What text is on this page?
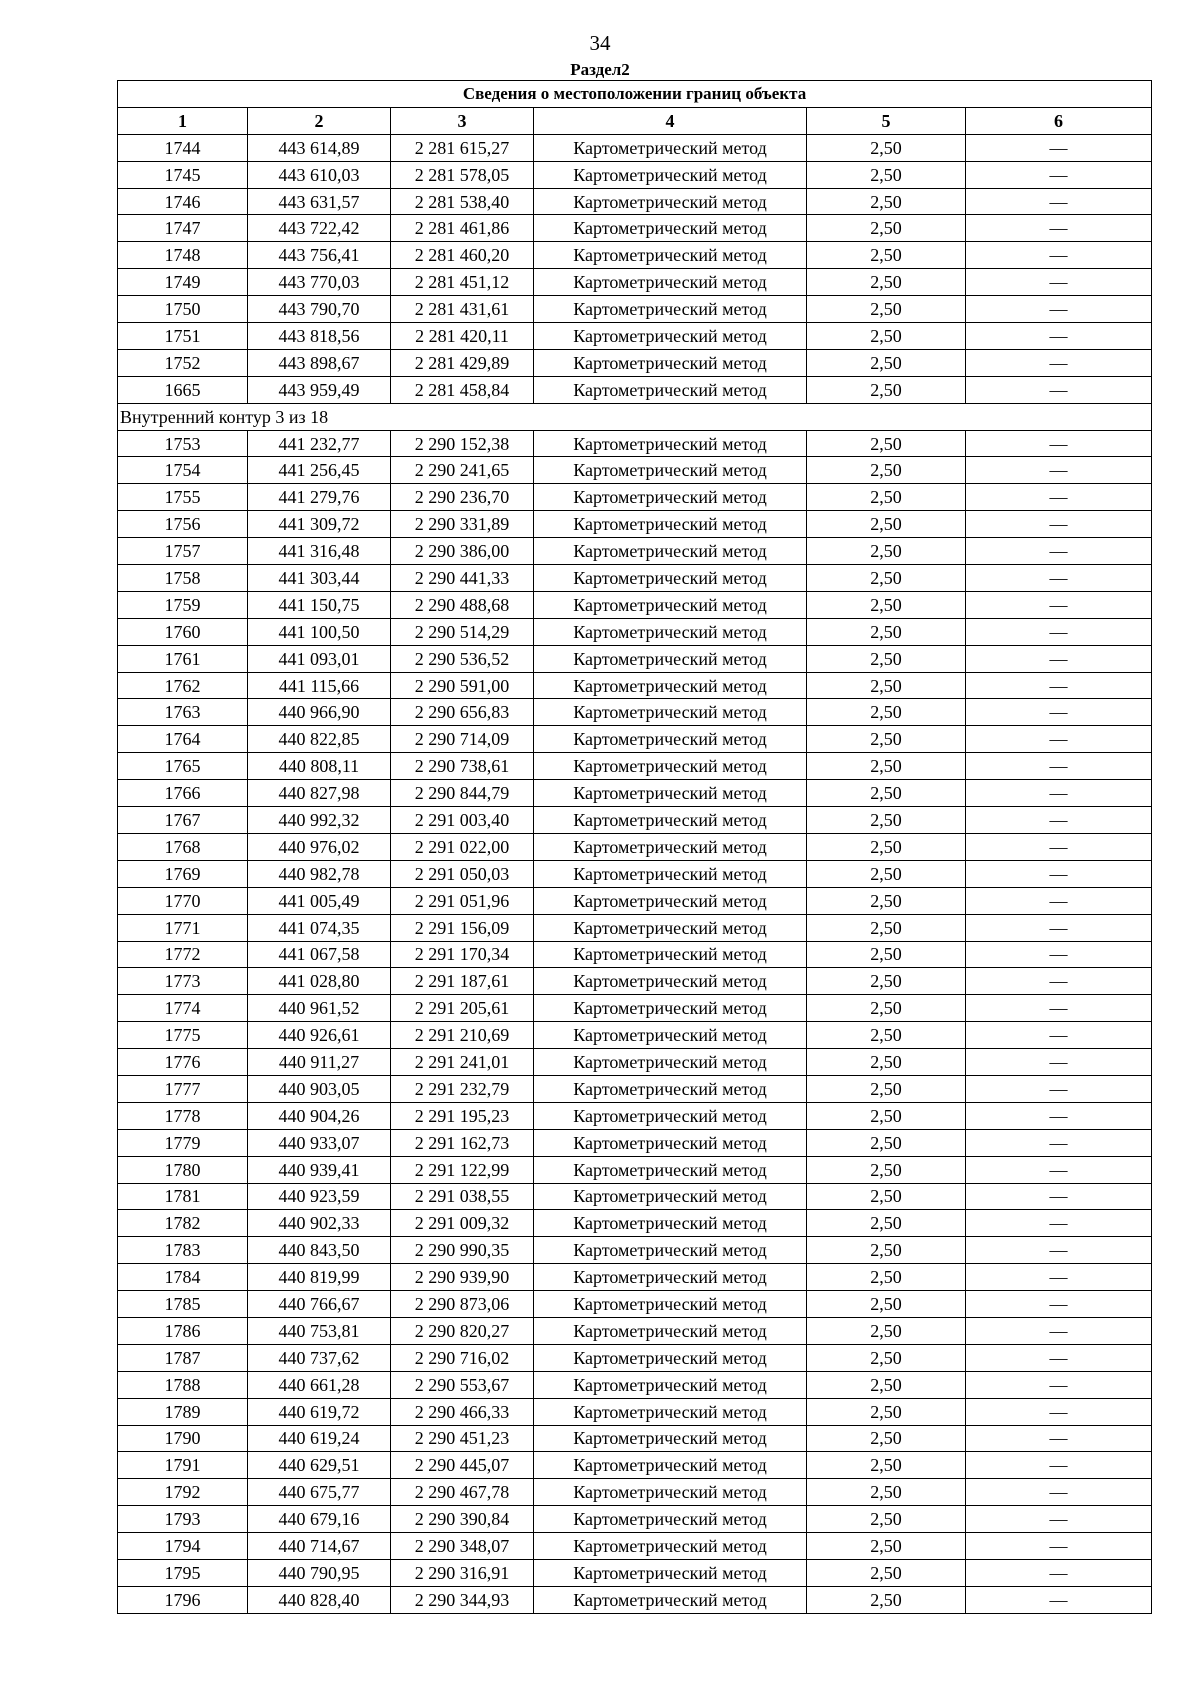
34
Раздел2
Сведения о местоположении границ объекта					
1	2	3	4	5	6
1744	443 614,89	2 281 615,27	Картометрический метод	2,50	—
1745	443 610,03	2 281 578,05	Картометрический метод	2,50	—
1746	443 631,57	2 281 538,40	Картометрический метод	2,50	—
1747	443 722,42	2 281 461,86	Картометрический метод	2,50	—
1748	443 756,41	2 281 460,20	Картометрический метод	2,50	—
1749	443 770,03	2 281 451,12	Картометрический метод	2,50	—
1750	443 790,70	2 281 431,61	Картометрический метод	2,50	—
1751	443 818,56	2 281 420,11	Картометрический метод	2,50	—
1752	443 898,67	2 281 429,89	Картометрический метод	2,50	—
1665	443 959,49	2 281 458,84	Картометрический метод	2,50	—
Внутренний контур 3 из 18					
1753	441 232,77	2 290 152,38	Картометрический метод	2,50	—
1754	441 256,45	2 290 241,65	Картометрический метод	2,50	—
1755	441 279,76	2 290 236,70	Картометрический метод	2,50	—
1756	441 309,72	2 290 331,89	Картометрический метод	2,50	—
1757	441 316,48	2 290 386,00	Картометрический метод	2,50	—
1758	441 303,44	2 290 441,33	Картометрический метод	2,50	—
1759	441 150,75	2 290 488,68	Картометрический метод	2,50	—
1760	441 100,50	2 290 514,29	Картометрический метод	2,50	—
1761	441 093,01	2 290 536,52	Картометрический метод	2,50	—
1762	441 115,66	2 290 591,00	Картометрический метод	2,50	—
1763	440 966,90	2 290 656,83	Картометрический метод	2,50	—
1764	440 822,85	2 290 714,09	Картометрический метод	2,50	—
1765	440 808,11	2 290 738,61	Картометрический метод	2,50	—
1766	440 827,98	2 290 844,79	Картометрический метод	2,50	—
1767	440 992,32	2 291 003,40	Картометрический метод	2,50	—
1768	440 976,02	2 291 022,00	Картометрический метод	2,50	—
1769	440 982,78	2 291 050,03	Картометрический метод	2,50	—
1770	441 005,49	2 291 051,96	Картометрический метод	2,50	—
1771	441 074,35	2 291 156,09	Картометрический метод	2,50	—
1772	441 067,58	2 291 170,34	Картометрический метод	2,50	—
1773	441 028,80	2 291 187,61	Картометрический метод	2,50	—
1774	440 961,52	2 291 205,61	Картометрический метод	2,50	—
1775	440 926,61	2 291 210,69	Картометрический метод	2,50	—
1776	440 911,27	2 291 241,01	Картометрический метод	2,50	—
1777	440 903,05	2 291 232,79	Картометрический метод	2,50	—
1778	440 904,26	2 291 195,23	Картометрический метод	2,50	—
1779	440 933,07	2 291 162,73	Картометрический метод	2,50	—
1780	440 939,41	2 291 122,99	Картометрический метод	2,50	—
1781	440 923,59	2 291 038,55	Картометрический метод	2,50	—
1782	440 902,33	2 291 009,32	Картометрический метод	2,50	—
1783	440 843,50	2 290 990,35	Картометрический метод	2,50	—
1784	440 819,99	2 290 939,90	Картометрический метод	2,50	—
1785	440 766,67	2 290 873,06	Картометрический метод	2,50	—
1786	440 753,81	2 290 820,27	Картометрический метод	2,50	—
1787	440 737,62	2 290 716,02	Картометрический метод	2,50	—
1788	440 661,28	2 290 553,67	Картометрический метод	2,50	—
1789	440 619,72	2 290 466,33	Картометрический метод	2,50	—
1790	440 619,24	2 290 451,23	Картометрический метод	2,50	—
1791	440 629,51	2 290 445,07	Картометрический метод	2,50	—
1792	440 675,77	2 290 467,78	Картометрический метод	2,50	—
1793	440 679,16	2 290 390,84	Картометрический метод	2,50	—
1794	440 714,67	2 290 348,07	Картометрический метод	2,50	—
1795	440 790,95	2 290 316,91	Картометрический метод	2,50	—
1796	440 828,40	2 290 344,93	Картометрический метод	2,50	—
